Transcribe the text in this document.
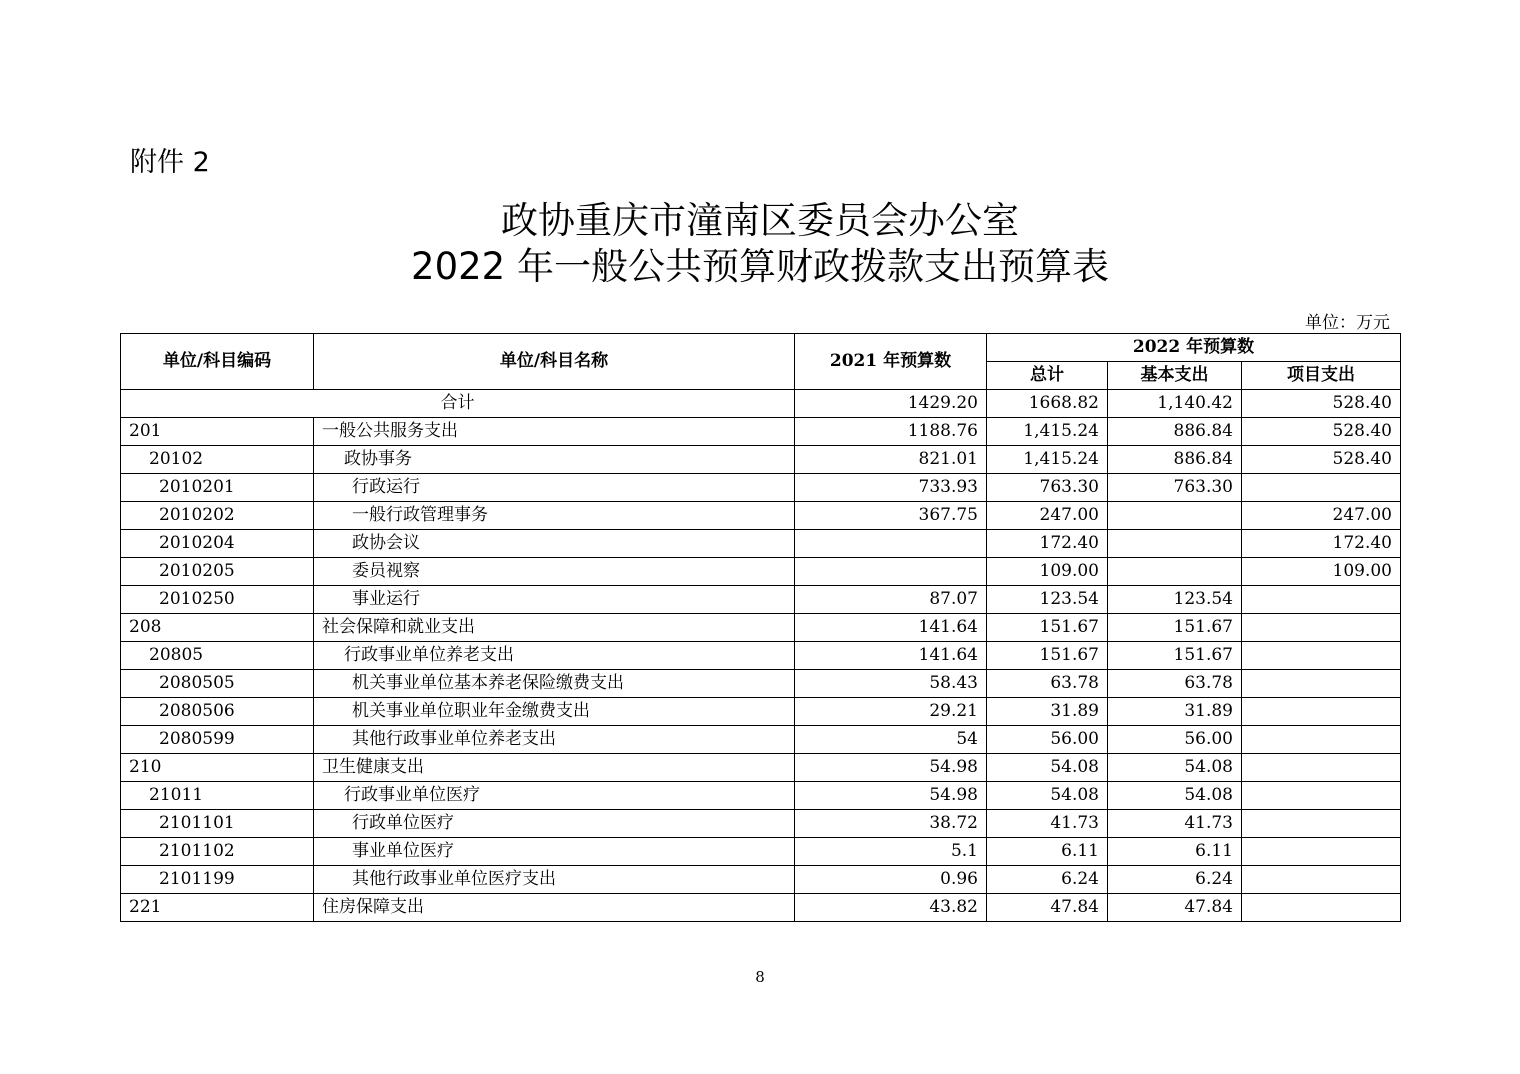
附件 2
政协重庆市潼南区委员会办公室
2022 年一般公共预算财政拨款支出预算表
单位：万元
单位/科目编码	单位/科目名称	2021 年预算数	2022 年预算数		
			总计	基本支出	项目支出
合计		1429.20	1668.82	1,140.42	528.40
201	一般公共服务支出	1188.76	1,415.24	886.84	528.40
20102	政协事务	821.01	1,415.24	886.84	528.40
2010201	行政运行	733.93	763.30	763.30	
2010202	一般行政管理事务	367.75	247.00		247.00
2010204	政协会议		172.40		172.40
2010205	委员视察		109.00		109.00
2010250	事业运行	87.07	123.54	123.54	
208	社会保障和就业支出	141.64	151.67	151.67	
20805	行政事业单位养老支出	141.64	151.67	151.67	
2080505	机关事业单位基本养老保险缴费支出	58.43	63.78	63.78	
2080506	机关事业单位职业年金缴费支出	29.21	31.89	31.89	
2080599	其他行政事业单位养老支出	54	56.00	56.00	
210	卫生健康支出	54.98	54.08	54.08	
21011	行政事业单位医疗	54.98	54.08	54.08	
2101101	行政单位医疗	38.72	41.73	41.73	
2101102	事业单位医疗	5.1	6.11	6.11	
2101199	其他行政事业单位医疗支出	0.96	6.24	6.24	
221	住房保障支出	43.82	47.84	47.84	
8
